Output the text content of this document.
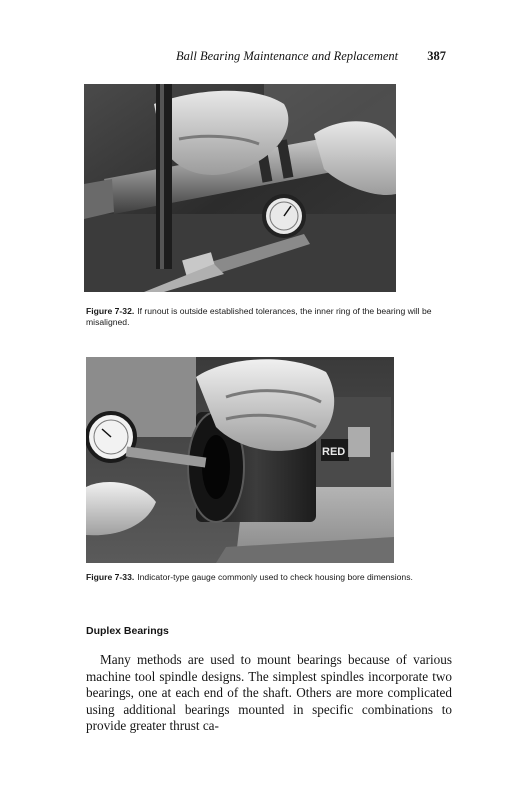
Ball Bearing Maintenance and Replacement 387
Figure 7-32. If runout is outside established tolerances, the inner ring of the bearing will be misaligned.
RED
Figure 7-33. Indicator-type gauge commonly used to check housing bore dimensions.
Duplex Bearings

Many methods are used to mount bearings because of various machine tool spindle designs. The simplest spindles incorporate two bearings, one at each end of the shaft. Others are more complicated using additional bearings mounted in specific combinations to provide greater thrust ca-
